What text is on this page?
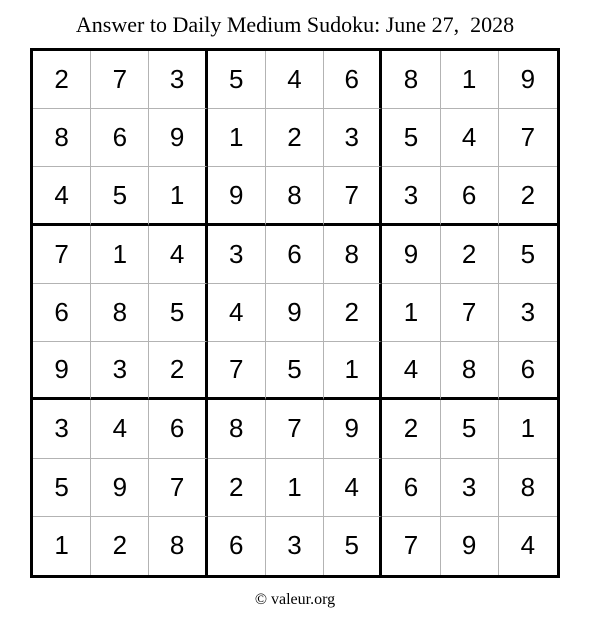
Answer to Daily Medium Sudoku: June 27,  2028
2	7	3	5	4	6	8	1	9
8	6	9	1	2	3	5	4	7
4	5	1	9	8	7	3	6	2
7	1	4	3	6	8	9	2	5
6	8	5	4	9	2	1	7	3
9	3	2	7	5	1	4	8	6
3	4	6	8	7	9	2	5	1
5	9	7	2	1	4	6	3	8
1	2	8	6	3	5	7	9	4
© valeur.org
